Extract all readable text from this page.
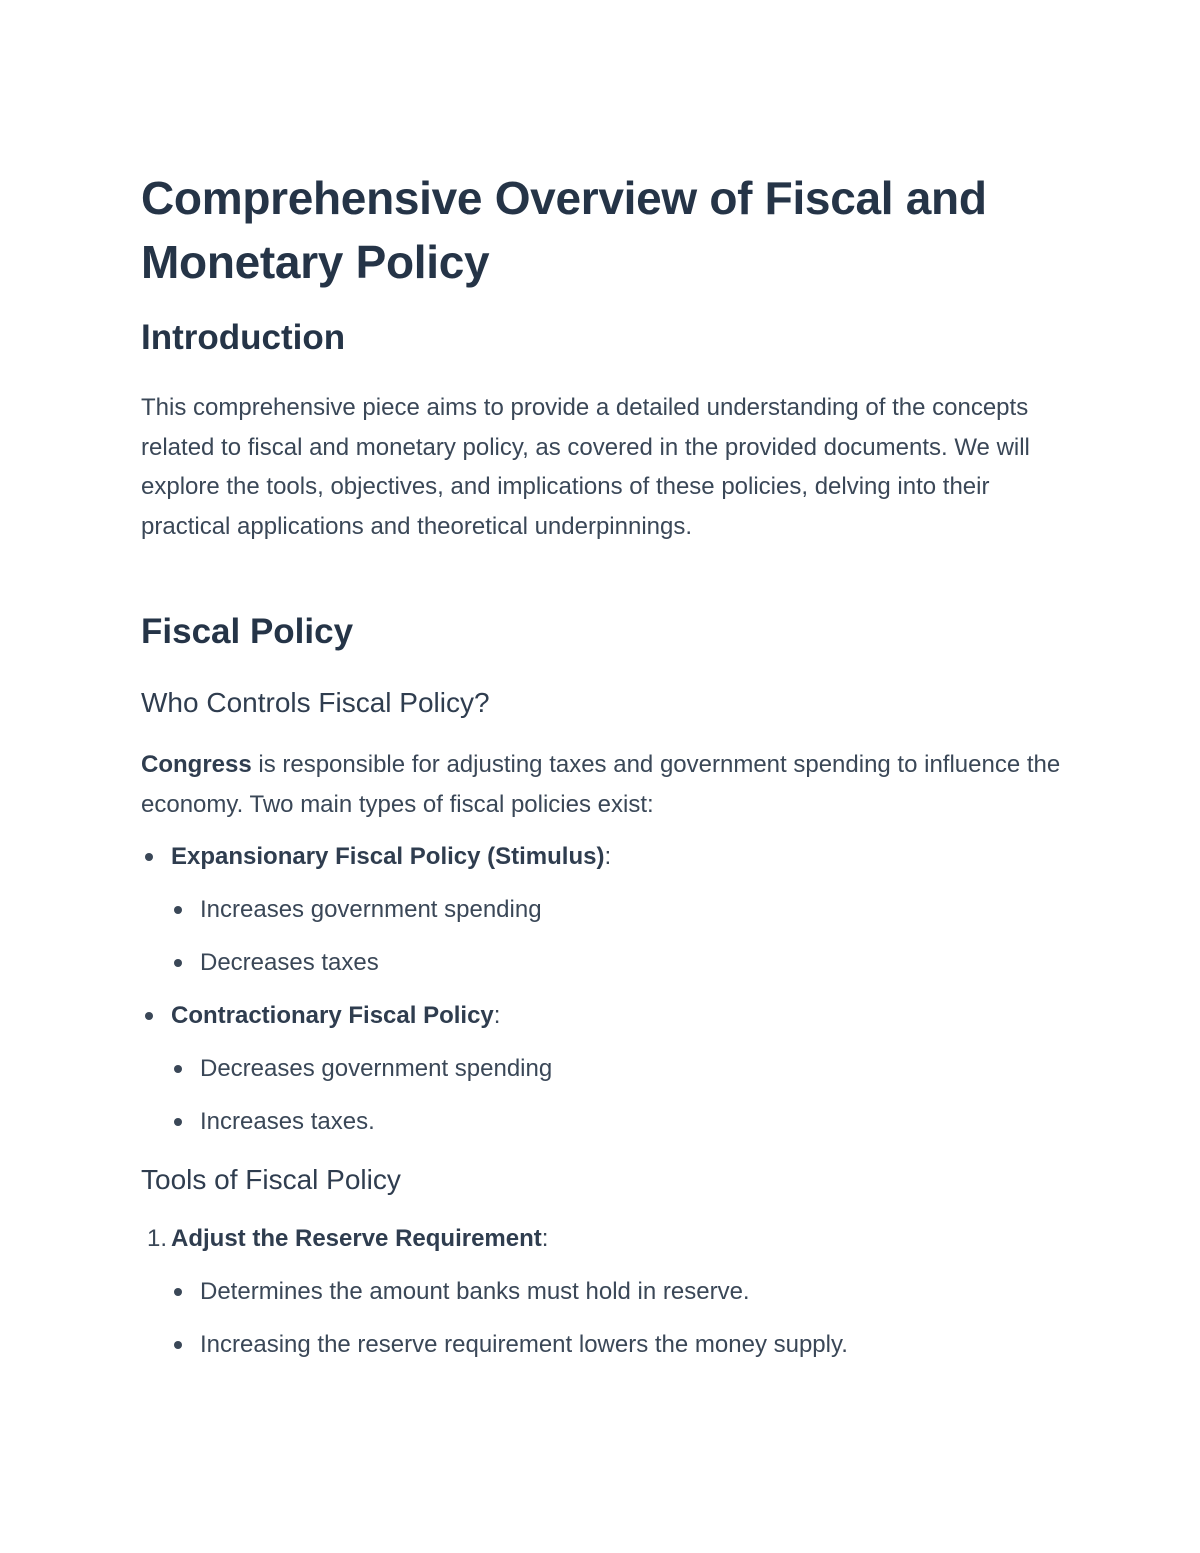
Comprehensive Overview of Fiscal and Monetary Policy
Introduction

This comprehensive piece aims to provide a detailed understanding of the concepts related to fiscal and monetary policy, as covered in the provided documents. We will explore the tools, objectives, and implications of these policies, delving into their practical applications and theoretical underpinnings.

Fiscal Policy
Who Controls Fiscal Policy?

Congress is responsible for adjusting taxes and government spending to influence the economy. Two main types of fiscal policies exist:

Expansionary Fiscal Policy (Stimulus):
Increases government spending
Decreases taxes
Contractionary Fiscal Policy:
Decreases government spending
Increases taxes.
Tools of Fiscal Policy
1. Adjust the Reserve Requirement:
Determines the amount banks must hold in reserve.
Increasing the reserve requirement lowers the money supply.
